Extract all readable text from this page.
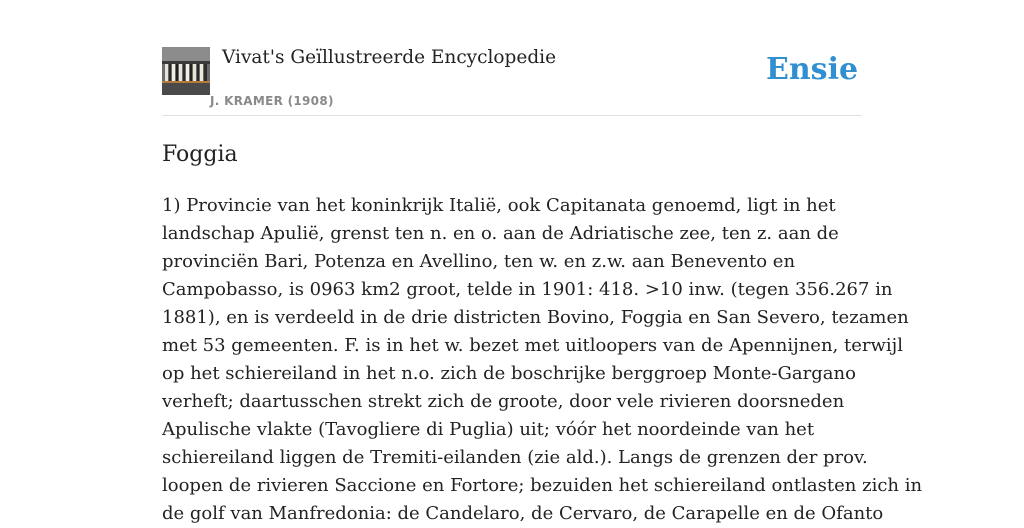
Vivat's Geïllustreerde Encyclopedie
J. KRAMER (1908)
Ensie
Foggia
1) Provincie van het koninkrijk Italië, ook Capitanata genoemd, ligt in het
landschap Apulië, grenst ten n. en o. aan de Adriatische zee, ten z. aan de
provinciën Bari, Potenza en Avellino, ten w. en z.w. aan Benevento en
Campobasso, is 0963 km2 groot, telde in 1901: 418. >10 inw. (tegen 356.267 in
1881), en is verdeeld in de drie districten Bovino, Foggia en San Severo, tezamen
met 53 gemeenten. F. is in het w. bezet met uitloopers van de Apennijnen, terwijl
op het schiereiland in het n.o. zich de boschrijke berggroep Monte-Gargano
verheft; daartusschen strekt zich de groote, door vele rivieren doorsneden
Apulische vlakte (Tavogliere di Puglia) uit; vóór het noordeinde van het
schiereiland liggen de Tremiti-eilanden (zie ald.). Langs de grenzen der prov.
loopen de rivieren Saccione en Fortore; bezuiden het schiereiland ontlasten zich in
de golf van Manfredonia: de Candelaro, de Cervaro, de Carapelle en de Ofanto
